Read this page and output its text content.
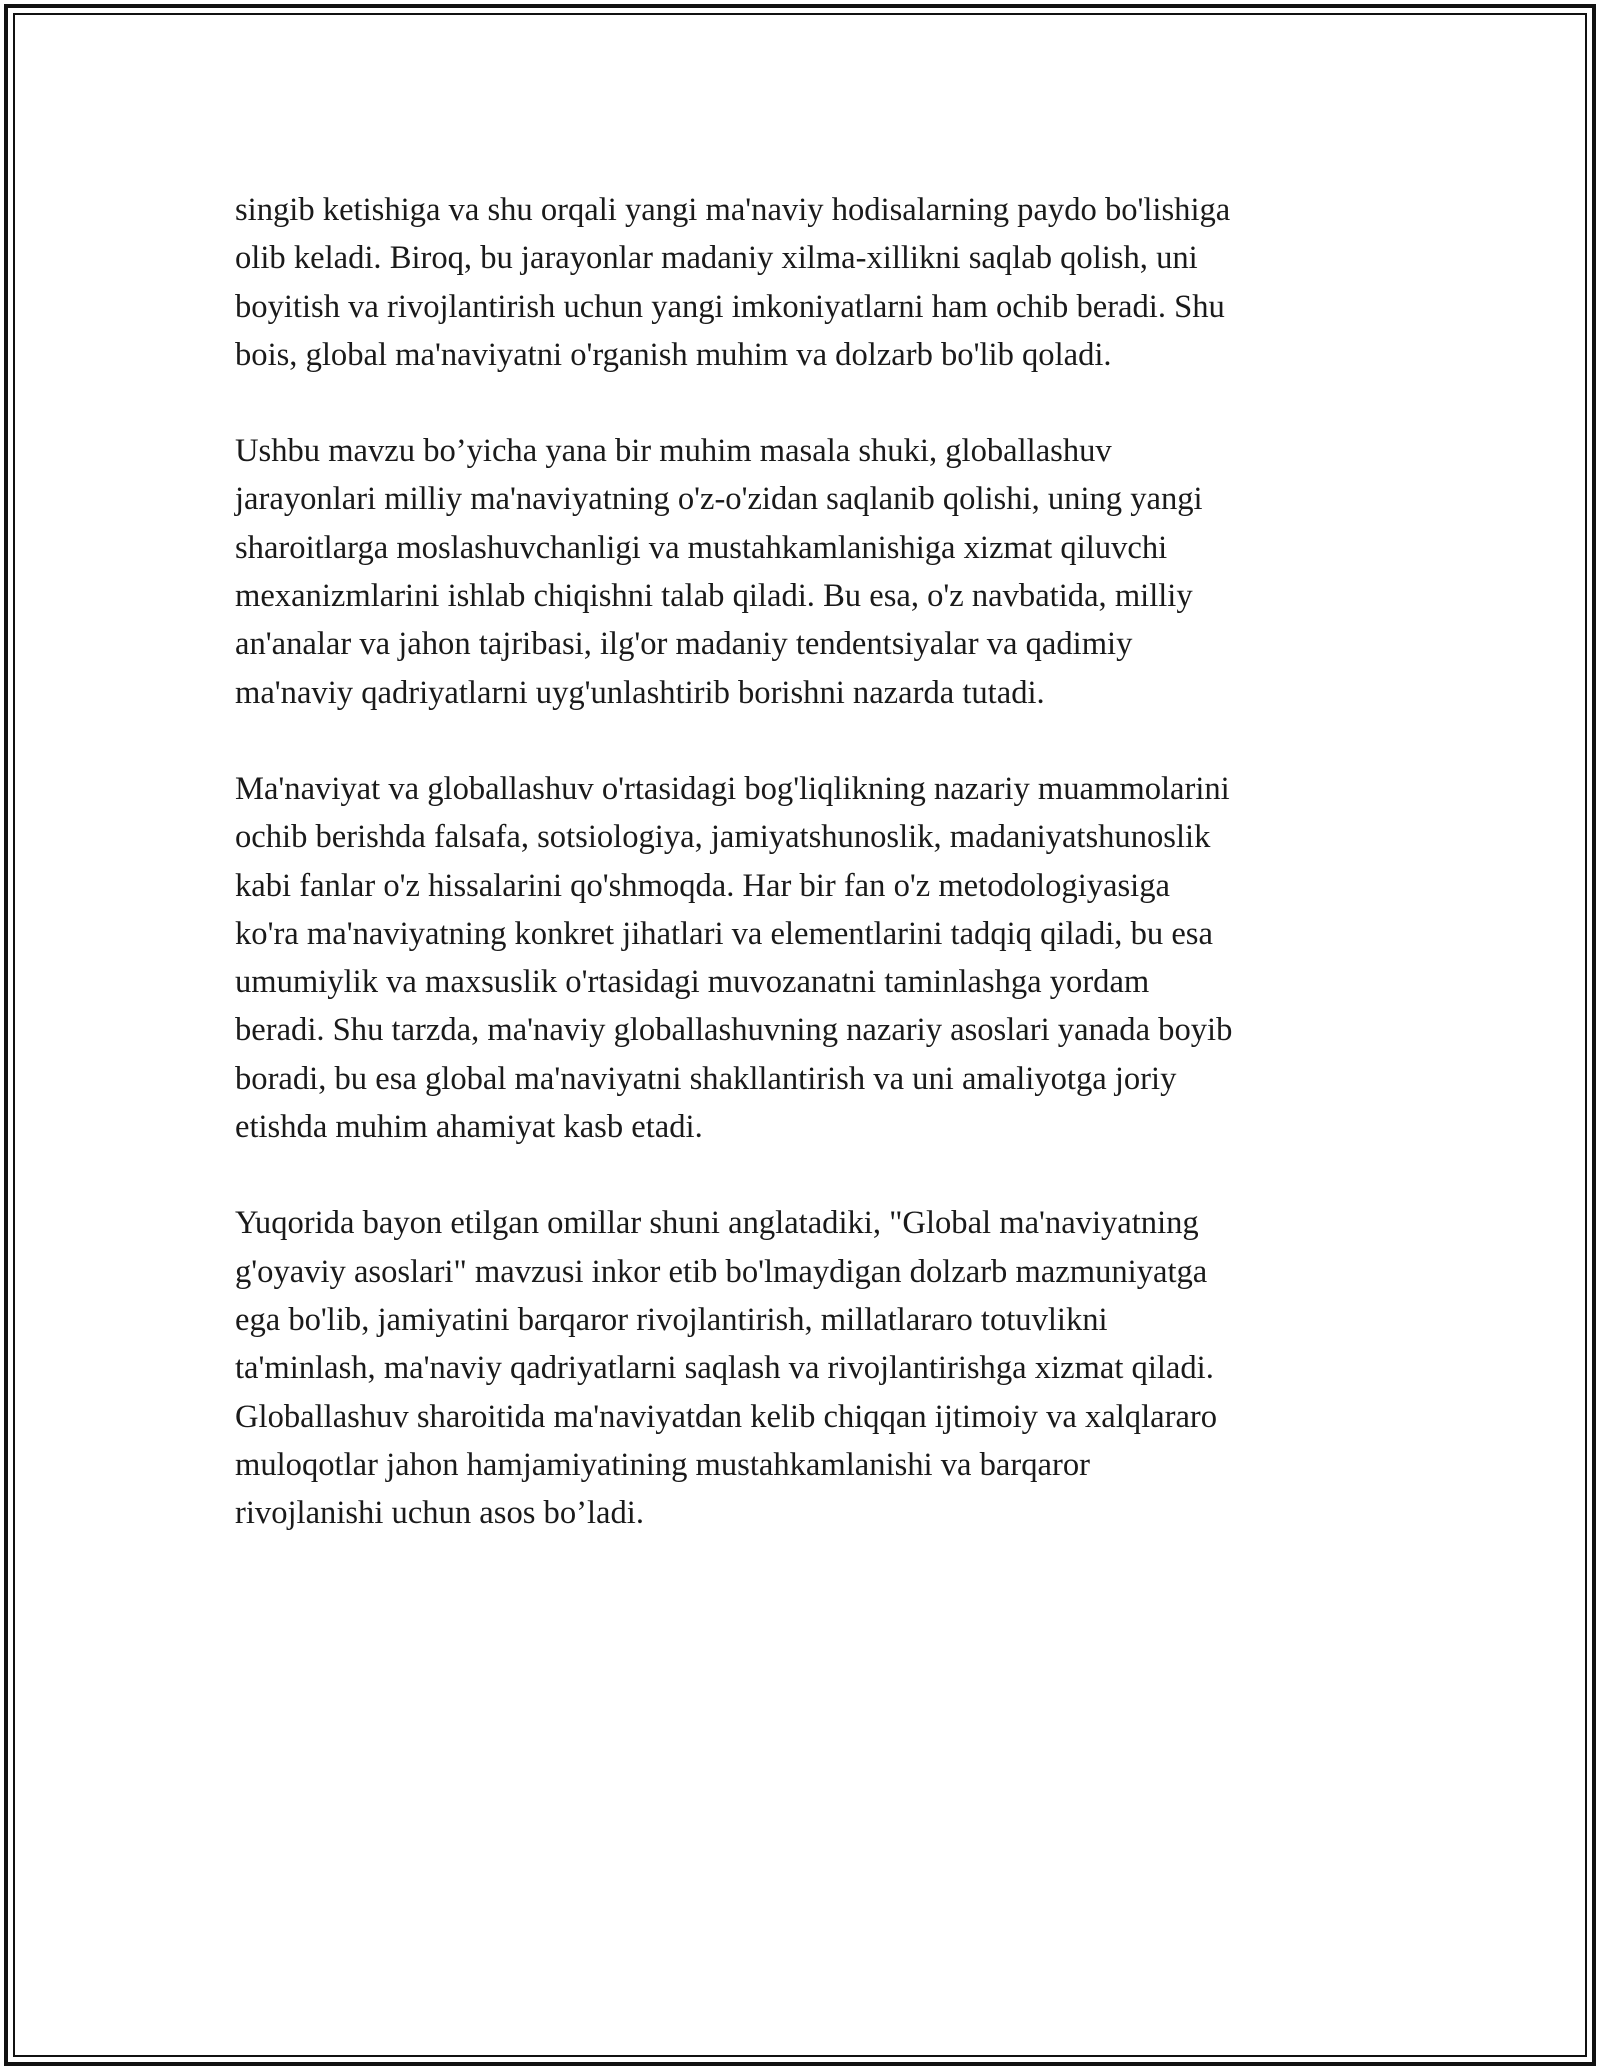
singib ketishiga va shu orqali yangi ma'naviy hodisalarning paydo bo'lishiga
olib keladi. Biroq, bu jarayonlar madaniy xilma-xillikni saqlab qolish, uni
boyitish va rivojlantirish uchun yangi imkoniyatlarni ham ochib beradi. Shu
bois, global ma'naviyatni o'rganish muhim va dolzarb bo'lib qoladi.

Ushbu mavzu bo’yicha yana bir muhim masala shuki, globallashuv
jarayonlari milliy ma'naviyatning o'z-o'zidan saqlanib qolishi, uning yangi
sharoitlarga moslashuvchanligi va mustahkamlanishiga xizmat qiluvchi
mexanizmlarini ishlab chiqishni talab qiladi. Bu esa, o'z navbatida, milliy
an'analar va jahon tajribasi, ilg'or madaniy tendentsiyalar va qadimiy
ma'naviy qadriyatlarni uyg'unlashtirib borishni nazarda tutadi.

Ma'naviyat va globallashuv o'rtasidagi bog'liqlikning nazariy muammolarini
ochib berishda falsafa, sotsiologiya, jamiyatshunoslik, madaniyatshunoslik
kabi fanlar o'z hissalarini qo'shmoqda. Har bir fan o'z metodologiyasiga
ko'ra ma'naviyatning konkret jihatlari va elementlarini tadqiq qiladi, bu esa
umumiylik va maxsuslik o'rtasidagi muvozanatni taminlashga yordam
beradi. Shu tarzda, ma'naviy globallashuvning nazariy asoslari yanada boyib
boradi, bu esa global ma'naviyatni shakllantirish va uni amaliyotga joriy
etishda muhim ahamiyat kasb etadi.

Yuqorida bayon etilgan omillar shuni anglatadiki, "Global ma'naviyatning
g'oyaviy asoslari" mavzusi inkor etib bo'lmaydigan dolzarb mazmuniyatga
ega bo'lib, jamiyatini barqaror rivojlantirish, millatlararo totuvlikni
ta'minlash, ma'naviy qadriyatlarni saqlash va rivojlantirishga xizmat qiladi.
Globallashuv sharoitida ma'naviyatdan kelib chiqqan ijtimoiy va xalqlararo
muloqotlar jahon hamjamiyatining mustahkamlanishi va barqaror
rivojlanishi uchun asos bo’ladi.
